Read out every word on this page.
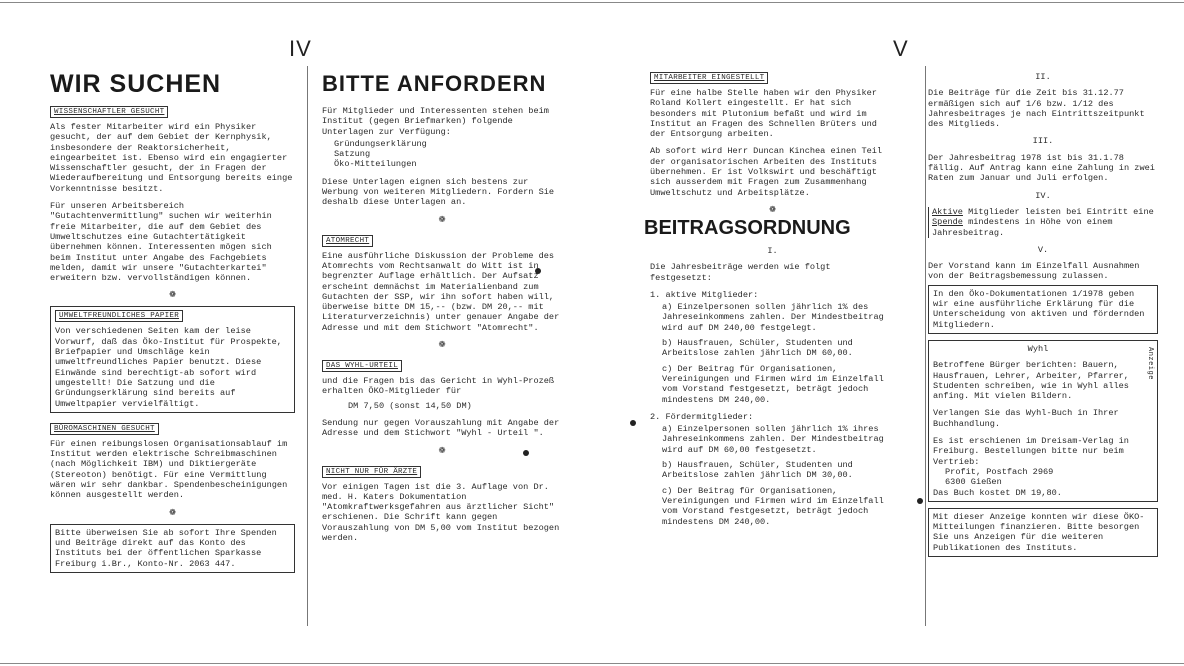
IV	V
WIR SUCHEN
WISSENSCHAFTLER GESUCHT

Als fester Mitarbeiter wird ein Physiker gesucht, der auf dem Gebiet der Kernphysik, insbesondere der Reaktorsicherheit, eingearbeitet ist. Ebenso wird ein engagierter Wissenschaftler gesucht, der in Fragen der Wiederaufbereitung und Entsorgung bereits einge Vorkenntnisse besitzt.

Für unseren Arbeitsbereich "Gutachtenvermittlung" suchen wir weiterhin freie Mitarbeiter, die auf dem Gebiet des Umweltschutzes eine Gutachtertätigkeit übernehmen können. Interessenten mögen sich beim Institut unter Angabe des Fachgebiets melden, damit wir unsere "Gutachterkartei" erweitern bzw. vervollständigen können.

❁
UMWELTFREUNDLICHES PAPIER

Von verschiedenen Seiten kam der leise Vorwurf, daß das Öko-Institut für Prospekte, Briefpapier und Umschläge kein umweltfreundliches Papier benutzt. Diese Einwände sind berechtigt-ab sofort wird umgestellt! Die Satzung und die Gründungserklärung sind bereits auf Umweltpapier vervielfältigt.

BÜROMASCHINEN GESUCHT

Für einen reibungslosen Organisationsablauf im Institut werden elektrische Schreibmaschinen (nach Möglichkeit IBM) und Diktiergeräte (Stereoton) benötigt. Für eine Vermittlung wären wir sehr dankbar. Spendenbescheinigungen können ausgestellt werden.

❁
Bitte überweisen Sie ab sofort Ihre Spenden und Beiträge direkt auf das Konto des Instituts bei der öffentlichen Sparkasse Freiburg i.Br., Konto-Nr. 2063 447.
BITTE ANFORDERN

Für Mitglieder und Interessenten stehen beim Institut (gegen Briefmarken) folgende Unterlagen zur Verfügung:

Gründungserklärung
Satzung
Öko-Mitteilungen

Diese Unterlagen eignen sich bestens zur Werbung von weiteren Mitgliedern. Fordern Sie deshalb diese Unterlagen an.

❁
ATOMRECHT

Eine ausführliche Diskussion der Probleme des Atomrechts vom Rechtsanwalt do Witt ist in begrenzter Auflage erhältlich. Der Aufsatz erscheint demnächst im Materialienband zum Gutachten der SSP, wir ihn sofort haben will, überweise bitte DM 15,-- (bzw. DM 20,-- mit Literaturverzeichnis) unter genauer Angabe der Adresse und mit dem Stichwort "Atomrecht".

❁
DAS WYHL-URTEIL

und die Fragen bis das Gericht in Wyhl-Prozeß erhalten ÖKO-Mitglieder für

DM 7,50 (sonst 14,50 DM)

Sendung nur gegen Vorauszahlung mit Angabe der Adresse und dem Stichwort "Wyhl - Urteil ".

❁
NICHT NUR FÜR ÄRZTE

Vor einigen Tagen ist die 3. Auflage von Dr. med. H. Katers Dokumentation "Atomkraftwerksgefahren aus ärztlicher Sicht" erschienen. Die Schrift kann gegen Vorauszahlung von DM 5,00 vom Institut bezogen werden.

MITARBEITER EINGESTELLT

Für eine halbe Stelle haben wir den Physiker Roland Kollert eingestellt. Er hat sich besonders mit Plutonium befaßt und wird im Institut an Fragen des Schnellen Brüters und der Entsorgung arbeiten.

Ab sofort wird Herr Duncan Kinchea einen Teil der organisatorischen Arbeiten des Instituts übernehmen. Er ist Volkswirt und beschäftigt sich ausserdem mit Fragen zum Zusammenhang Umweltschutz und Arbeitsplätze.

❁
BEITRAGSORDNUNG
I.

Die Jahresbeiträge werden wie folgt festgesetzt:

1. aktive Mitglieder:

a) Einzelpersonen sollen jährlich 1% des Jahreseinkommens zahlen. Der Mindestbeitrag wird auf DM 240,00 festgelegt.

b) Hausfrauen, Schüler, Studenten und Arbeitslose zahlen jährlich DM 60,00.

c) Der Beitrag für Organisationen, Vereinigungen und Firmen wird im Einzelfall vom Vorstand festgesetzt, beträgt jedoch mindestens DM 240,00.

2. Fördermitglieder:

a) Einzelpersonen sollen jährlich 1% ihres Jahreseinkommens zahlen. Der Mindestbeitrag wird auf DM 60,00 festgesetzt.

b) Hausfrauen, Schüler, Studenten und Arbeitslose zahlen jährlich DM 30,00.

c) Der Beitrag für Organisationen, Vereinigungen und Firmen wird im Einzelfall vom Vorstand festgesetzt, beträgt jedoch mindestens DM 240,00.

II.

Die Beiträge für die Zeit bis 31.12.77 ermäßigen sich auf 1/6 bzw. 1/12 des Jahresbeitrages je nach Eintrittszeitpunkt des Mitglieds.

III.

Der Jahresbeitrag 1978 ist bis 31.1.78 fällig. Auf Antrag kann eine Zahlung in zwei Raten zum Januar und Juli erfolgen.

IV.

Aktive Mitglieder leisten bei Eintritt eine Spende mindestens in Höhe von einem Jahresbeitrag.

V.

Der Vorstand kann im Einzelfall Ausnahmen von der Beitragsbemessung zulassen.

In den Öko-Dokumentationen 1/1978 geben wir eine ausführliche Erklärung für die Unterscheidung von aktiven und fördernden Mitgliedern.
Wyhl	Anzeige

Betroffene Bürger berichten: Bauern, Hausfrauen, Lehrer, Arbeiter, Pfarrer, Studenten schreiben, wie in Wyhl alles anfing. Mit vielen Bildern.

Verlangen Sie das Wyhl-Buch in Ihrer Buchhandlung.

Es ist erschienen im Dreisam-Verlag in Freiburg. Bestellungen bitte nur beim Vertrieb:

Profit, Postfach 2969
6300 Gießen
Das Buch kostet DM 19,80.
Mit dieser Anzeige konnten wir diese ÖKO-Mitteilungen finanzieren. Bitte besorgen Sie uns Anzeigen für die weiteren Publikationen des Instituts.
